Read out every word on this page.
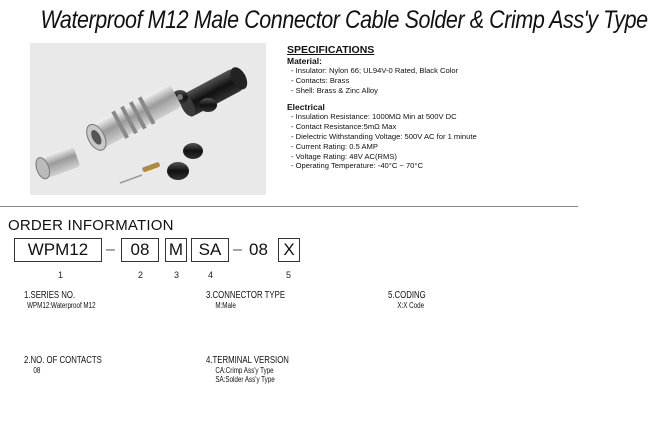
Waterproof M12 Male Connector Cable Solder & Crimp Ass'y Type
SPECIFICATIONS
Material:
- Insulator: Nylon 66; UL94V-0 Rated, Black Color
- Contacts: Brass
- Shell: Brass & Zinc Alloy
Electrical
- Insulation Resistance: 1000MΩ Min at 500V DC
- Contact Resistance:5mΩ Max
- Dielectric Withstanding Voltage: 500V AC for 1 minute
- Current Rating: 0.5 AMP
- Voltage Rating: 48V AC(RMS)
- Operating Temperature: -40°C ~ 70°C
ORDER INFORMATION
WPM12	– 08	M SA – 08 X
1	2	3	4	5
1.SERIES NO.
WPM12:Waterproof M12
3.CONNECTOR TYPE
M:Male
5.CODING
X:X Code
2.NO. OF CONTACTS
08
4.TERMINAL VERSION
CA:Crimp Ass'y Type
SA:Solder Ass'y Type
